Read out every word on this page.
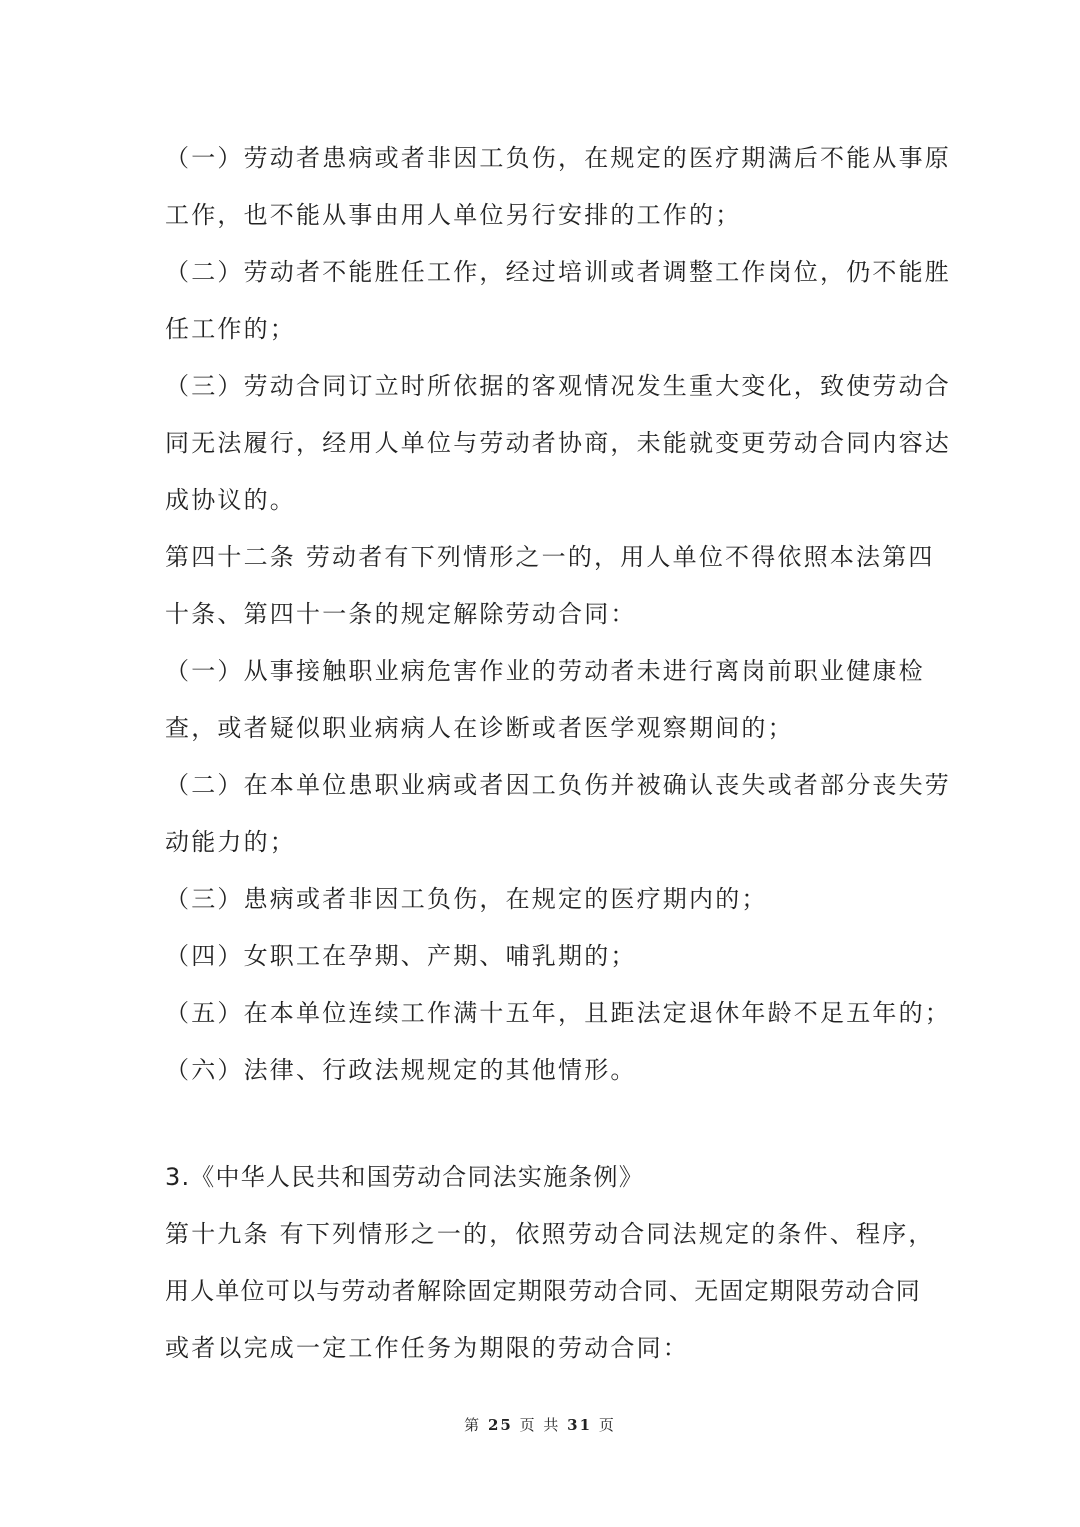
（一）劳动者患病或者非因工负伤，在规定的医疗期满后不能从事原
工作，也不能从事由用人单位另行安排的工作的；
（二）劳动者不能胜任工作，经过培训或者调整工作岗位，仍不能胜
任工作的；
（三）劳动合同订立时所依据的客观情况发生重大变化，致使劳动合
同无法履行，经用人单位与劳动者协商，未能就变更劳动合同内容达
成协议的。
第四十二条 劳动者有下列情形之一的，用人单位不得依照本法第四
十条、第四十一条的规定解除劳动合同：
（一）从事接触职业病危害作业的劳动者未进行离岗前职业健康检
查，或者疑似职业病病人在诊断或者医学观察期间的；
（二）在本单位患职业病或者因工负伤并被确认丧失或者部分丧失劳
动能力的；
（三）患病或者非因工负伤，在规定的医疗期内的；
（四）女职工在孕期、产期、哺乳期的；
（五）在本单位连续工作满十五年，且距法定退休年龄不足五年的；
（六）法律、行政法规规定的其他情形。
3.《中华人民共和国劳动合同法实施条例》
第十九条 有下列情形之一的，依照劳动合同法规定的条件、程序，
用人单位可以与劳动者解除固定期限劳动合同、无固定期限劳动合同
或者以完成一定工作任务为期限的劳动合同：
第 25 页 共 31 页
